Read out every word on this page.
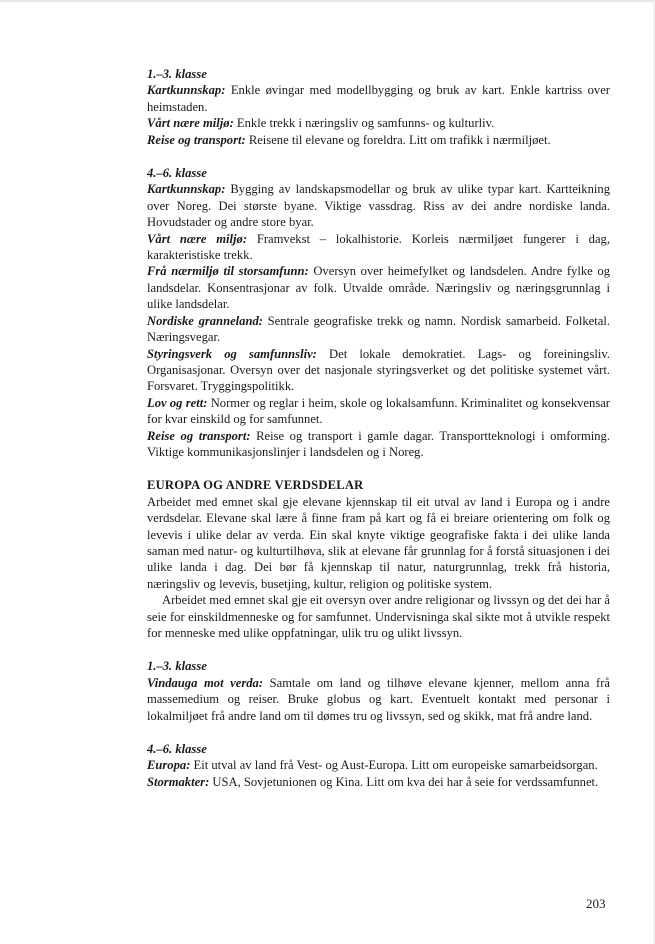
1.–3. klasse

Kartkunnskap: Enkle øvingar med modellbygging og bruk av kart. Enkle kartriss over heimstaden.

Vårt nære miljø: Enkle trekk i næringsliv og samfunns- og kulturliv.

Reise og transport: Reisene til elevane og foreldra. Litt om trafikk i nærmiljøet.

4.–6. klasse

Kartkunnskap: Bygging av landskapsmodellar og bruk av ulike typar kart. Kartteikning over Noreg. Dei største byane. Viktige vassdrag. Riss av dei andre nordiske landa. Hovudstader og andre store byar.

Vårt nære miljø: Framvekst – lokalhistorie. Korleis nærmiljøet fungerer i dag, karakteristiske trekk.

Frå nærmiljø til storsamfunn: Oversyn over heimefylket og landsdelen. Andre fylke og landsdelar. Konsentrasjonar av folk. Utvalde område. Næringsliv og næringsgrunnlag i ulike landsdelar.

Nordiske granneland: Sentrale geografiske trekk og namn. Nordisk samarbeid. Folketal. Næringsvegar.

Styringsverk og samfunnsliv: Det lokale demokratiet. Lags- og foreiningsliv. Organisasjonar. Oversyn over det nasjonale styringsverket og det politiske systemet vårt. Forsvaret. Tryggingspolitikk.

Lov og rett: Normer og reglar i heim, skole og lokalsamfunn. Kriminalitet og konsekvensar for kvar einskild og for samfunnet.

Reise og transport: Reise og transport i gamle dagar. Transportteknologi i omforming. Viktige kommunikasjonslinjer i landsdelen og i Noreg.

EUROPA OG ANDRE VERDSDELAR

Arbeidet med emnet skal gje elevane kjennskap til eit utval av land i Europa og i andre verdsdelar. Elevane skal lære å finne fram på kart og få ei breiare orientering om folk og levevis i ulike delar av verda. Ein skal knyte viktige geografiske fakta i dei ulike landa saman med natur- og kulturtilhøva, slik at elevane får grunnlag for å forstå situasjonen i dei ulike landa i dag. Dei bør få kjennskap til natur, naturgrunnlag, trekk frå historia, næringsliv og levevis, busetjing, kultur, religion og politiske system.

Arbeidet med emnet skal gje eit oversyn over andre religionar og livssyn og det dei har å seie for einskildmenneske og for samfunnet. Undervisninga skal sikte mot å utvikle respekt for menneske med ulike oppfatningar, ulik tru og ulikt livssyn.

1.–3. klasse

Vindauga mot verda: Samtale om land og tilhøve elevane kjenner, mellom anna frå massemedium og reiser. Bruke globus og kart. Eventuelt kontakt med personar i lokalmiljøet frå andre land om til dømes tru og livssyn, sed og skikk, mat frå andre land.

4.–6. klasse

Europa: Eit utval av land frå Vest- og Aust-Europa. Litt om europeiske samarbeidsorgan.

Stormakter: USA, Sovjetunionen og Kina. Litt om kva dei har å seie for verdssamfunnet.

203
